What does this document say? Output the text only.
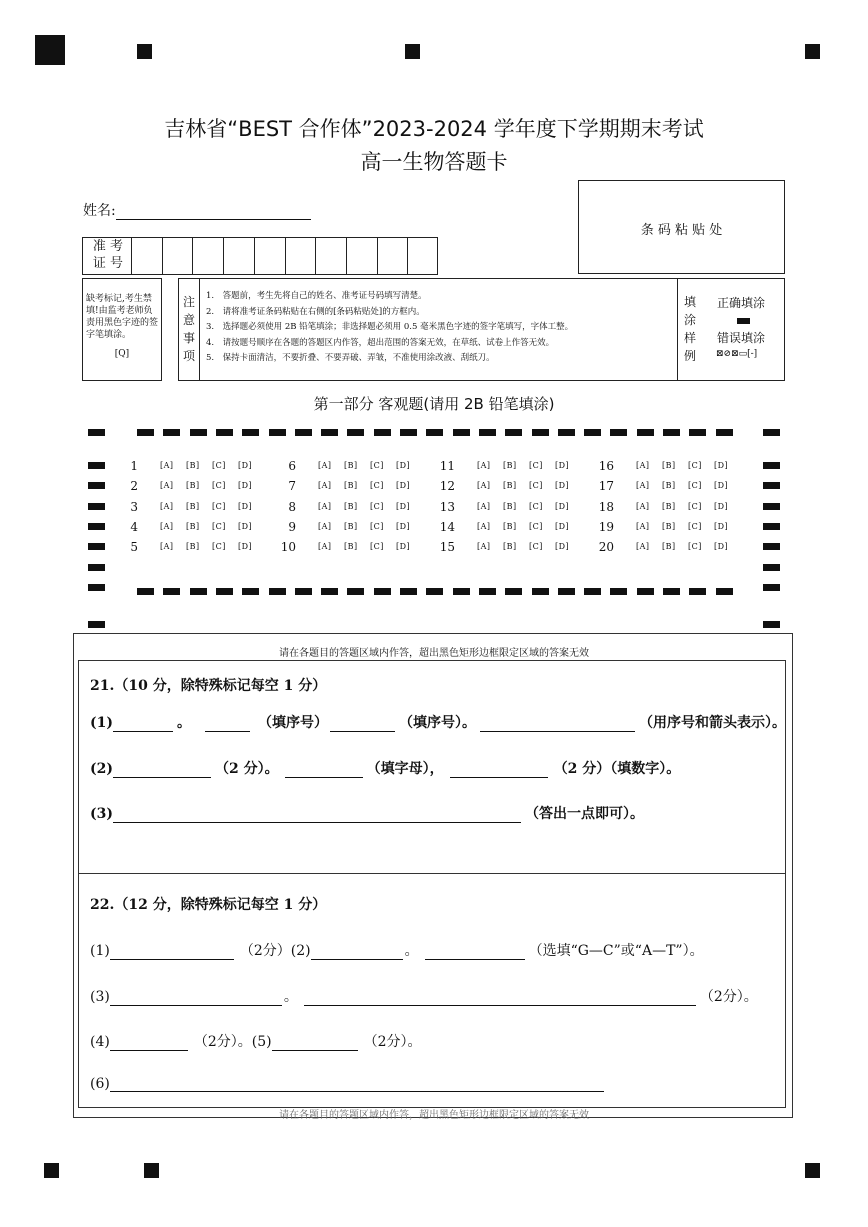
吉林省“BEST 合作体”2023-2024 学年度下学期期末考试
高一生物答题卡
姓名:
条 码 粘 贴 处
准 考
证 号
缺考标记,考生禁填!由监考老师负责用黑色字迹的签字笔填涂。
[Q]
注
意
事
项
1.　答题前，考生先将自己的姓名、准考证号码填写清楚。
2.　请将准考证条码粘贴在右侧的[条码粘贴处]的方框内。
3.　选择题必须使用 2B 铅笔填涂；非选择题必须用 0.5 毫米黑色字迹的签字笔填写，字体工整。
4.　请按题号顺序在各题的答题区内作答，超出范围的答案无效，在草纸、试卷上作答无效。
5.　保持卡面清洁，不要折叠、不要弄破、弄皱，不准使用涂改液、刮纸刀。
填
涂
样
例
正确填涂
错误填涂
⊠⊘⊠▭[-]
第一部分 客观题(请用 2B 铅笔填涂)
1	[A] [B] [C] [D]
2	[A] [B] [C] [D]
3	[A] [B] [C] [D]
4	[A] [B] [C] [D]
5	[A] [B] [C] [D]
6	[A] [B] [C] [D]
7	[A] [B] [C] [D]
8	[A] [B] [C] [D]
9	[A] [B] [C] [D]
10	[A] [B] [C] [D]
11	[A] [B] [C] [D]
12	[A] [B] [C] [D]
13	[A] [B] [C] [D]
14	[A] [B] [C] [D]
15	[A] [B] [C] [D]
16	[A] [B] [C] [D]
17	[A] [B] [C] [D]
18	[A] [B] [C] [D]
19	[A] [B] [C] [D]
20	[A] [B] [C] [D]
请在各题目的答题区域内作答，超出黑色矩形边框限定区域的答案无效
21.（10 分，除特殊标记每空 1 分）
(1)	。	（填序号）	（填序号）。	（用序号和箭头表示）。
(2)	（2 分）。	（填字母），	（2 分）（填数字）。
(3)	（答出一点即可）。
22.（12 分，除特殊标记每空 1 分）
(1)	（2分）(2)	。	（选填“G—C”或“A—T”）。
(3)	。	（2分）。
(4)	（2分）。(5)	（2分）。
(6)
请在各题目的答题区域内作答，超出黑色矩形边框限定区域的答案无效
